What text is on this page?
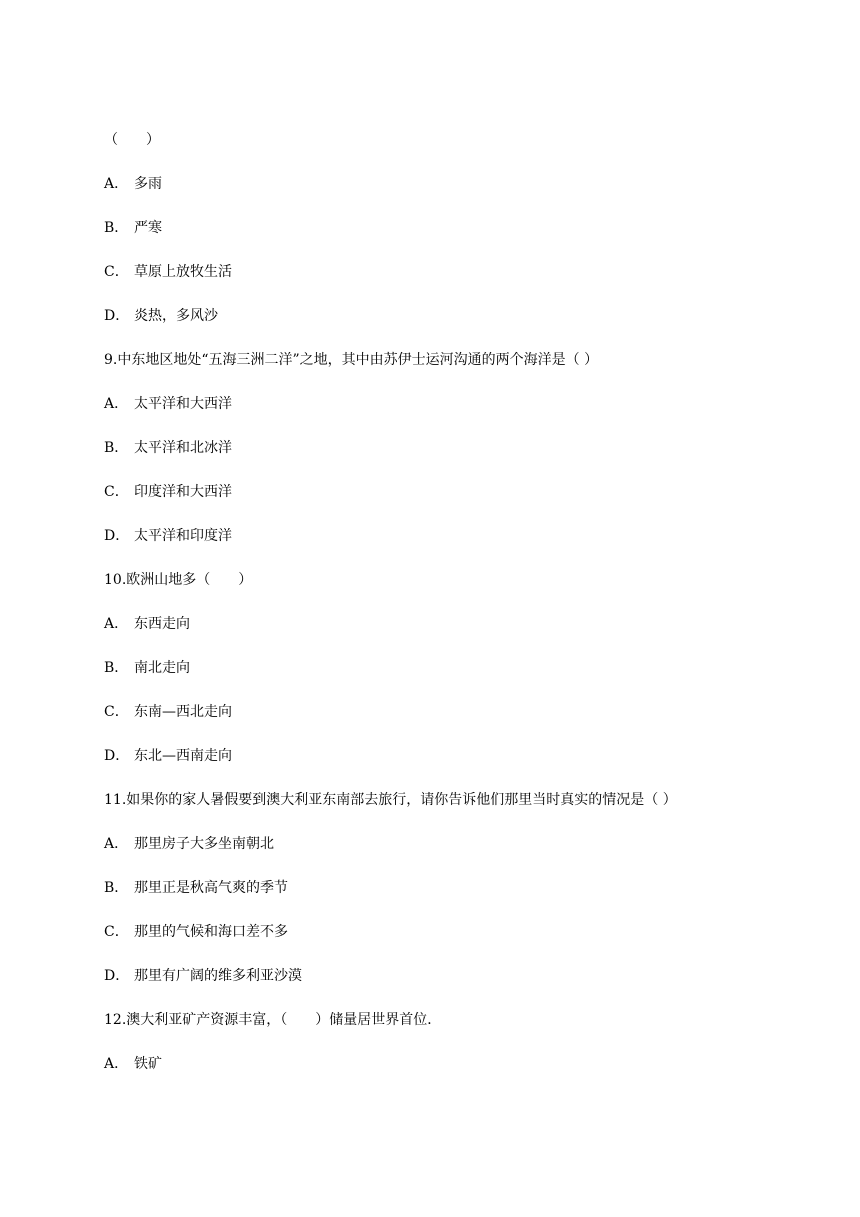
（　　）
A． 多雨
B． 严寒
C． 草原上放牧生活
D． 炎热，多风沙
9.中东地区地处“五海三洲二洋”之地，其中由苏伊士运河沟通的两个海洋是（ ）
A． 太平洋和大西洋
B． 太平洋和北冰洋
C． 印度洋和大西洋
D． 太平洋和印度洋
10.欧洲山地多（　　）
A． 东西走向
B． 南北走向
C． 东南—西北走向
D． 东北—西南走向
11.如果你的家人暑假要到澳大利亚东南部去旅行，请你告诉他们那里当时真实的情况是（ ）
A． 那里房子大多坐南朝北
B． 那里正是秋高气爽的季节
C． 那里的气候和海口差不多
D． 那里有广阔的维多利亚沙漠
12.澳大利亚矿产资源丰富，（　　）储量居世界首位．
A． 铁矿
